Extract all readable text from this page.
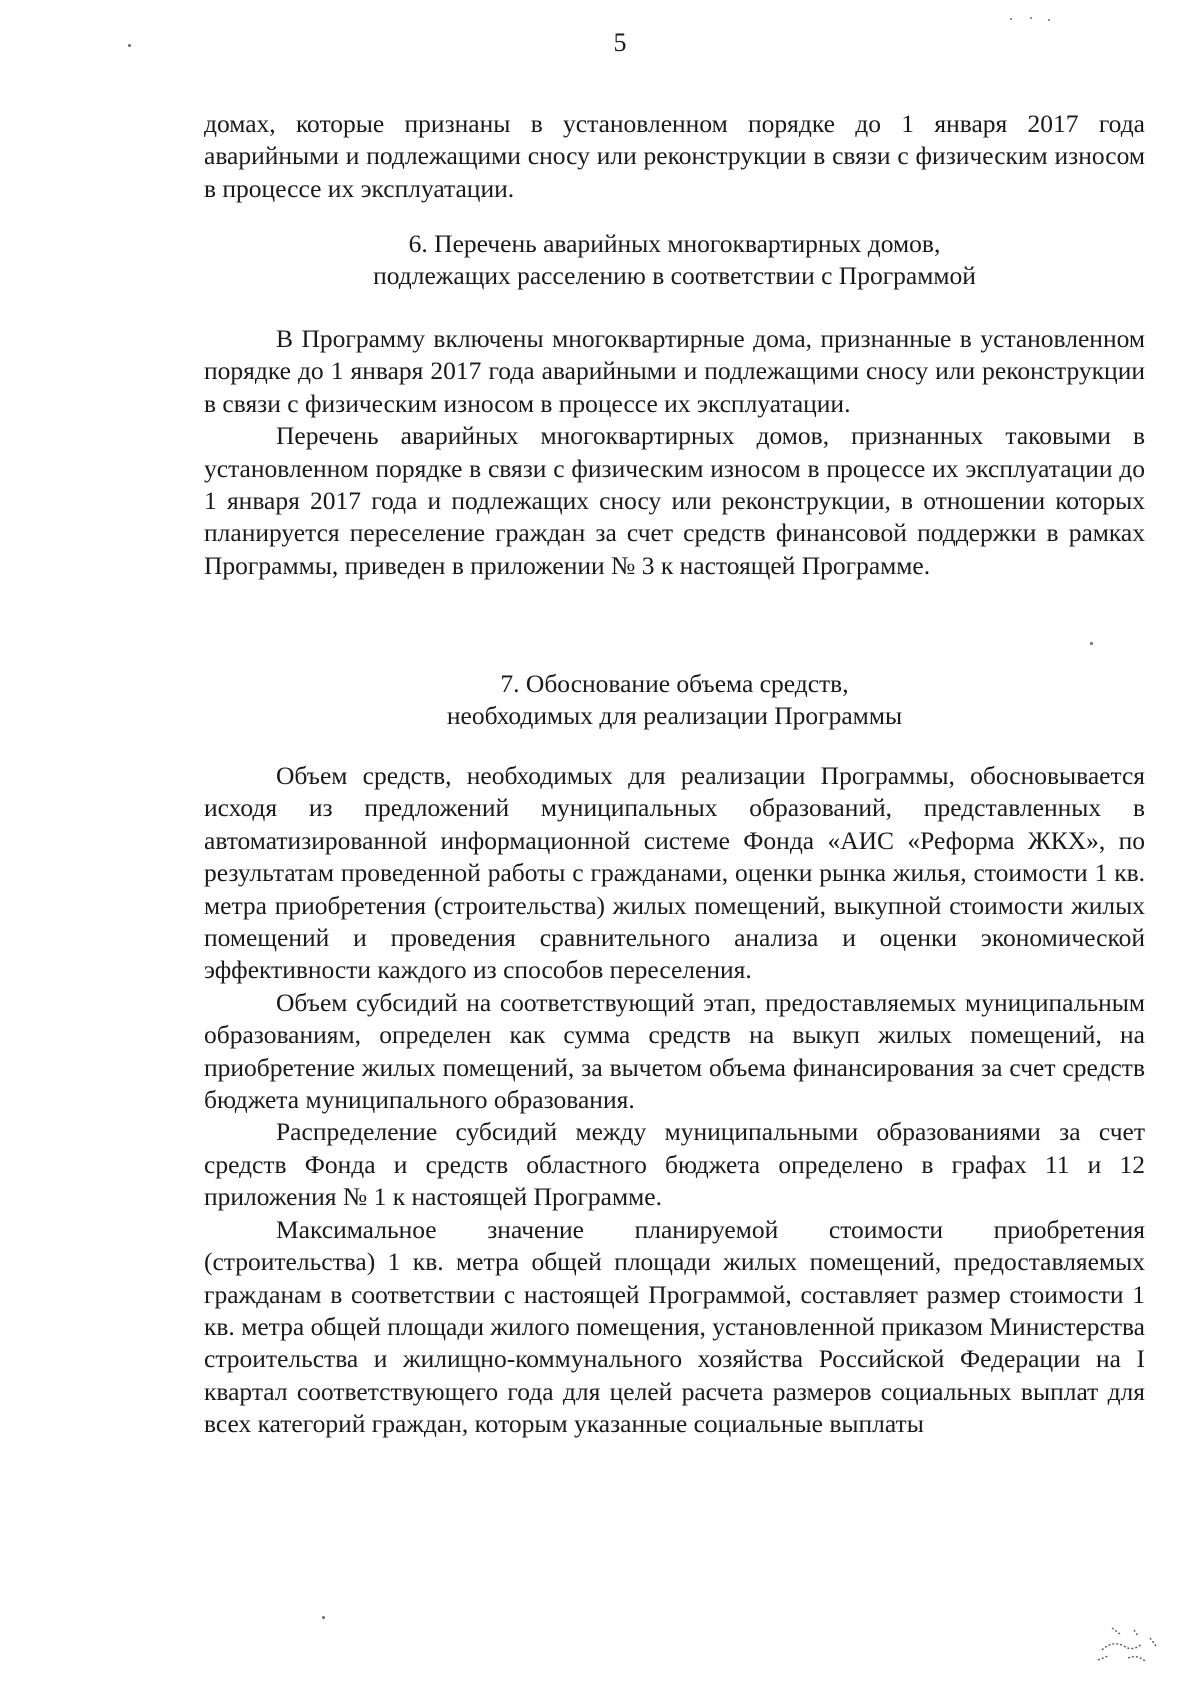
5

домах, которые признаны в установленном порядке до 1 января 2017 года аварийными и подлежащими сносу или реконструкции в связи с физическим износом в процессе их эксплуатации.

6. Перечень аварийных многоквартирных домов,
подлежащих расселению в соответствии с Программой

В Программу включены многоквартирные дома, признанные в установленном порядке до 1 января 2017 года аварийными и подлежащими сносу или реконструкции в связи с физическим износом в процессе их эксплуатации.

Перечень аварийных многоквартирных домов, признанных таковыми в установленном порядке в связи с физическим износом в процессе их эксплуатации до 1 января 2017 года и подлежащих сносу или реконструкции, в отношении которых планируется переселение граждан за счет средств финансовой поддержки в рамках Программы, приведен в приложении № 3 к настоящей Программе.

7. Обоснование объема средств,
необходимых для реализации Программы

Объем средств, необходимых для реализации Программы, обосновывается исходя из предложений муниципальных образований, представленных в автоматизированной информационной системе Фонда «АИС «Реформа ЖКХ», по результатам проведенной работы с гражданами, оценки рынка жилья, стоимости 1 кв. метра приобретения (строительства) жилых помещений, выкупной стоимости жилых помещений и проведения сравнительного анализа и оценки экономической эффективности каждого из способов переселения.

Объем субсидий на соответствующий этап, предоставляемых муниципальным образованиям, определен как сумма средств на выкуп жилых помещений, на приобретение жилых помещений, за вычетом объема финансирования за счет средств бюджета муниципального образования.

Распределение субсидий между муниципальными образованиями за счет средств Фонда и средств областного бюджета определено в графах 11 и 12 приложения № 1 к настоящей Программе.

Максимальное значение планируемой стоимости приобретения (строительства) 1 кв. метра общей площади жилых помещений, предоставляемых гражданам в соответствии с настоящей Программой, составляет размер стоимости 1 кв. метра общей площади жилого помещения, установленной приказом Министерства строительства и жилищно-коммунального хозяйства Российской Федерации на I квартал соответствующего года для целей расчета размеров социальных выплат для всех категорий граждан, которым указанные социальные выплаты
